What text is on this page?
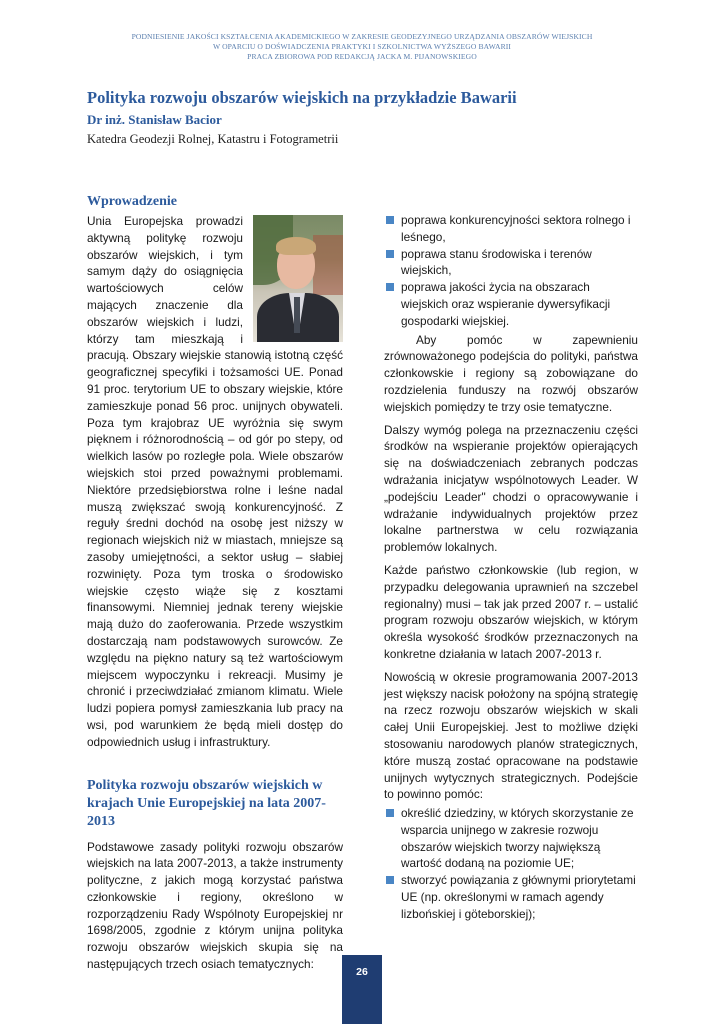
PODNIESIENIE JAKOŚCI KSZTAŁCENIA AKADEMICKIEGO W ZAKRESIE GEODEZYJNEGO URZĄDZANIA OBSZARÓW WIEJSKICH
W OPARCIU O DOŚWIADCZENIA PRAKTYKI I SZKOLNICTWA WYŻSZEGO BAWARII
PRACA ZBIOROWA POD REDAKCJĄ JACKA M. PIJANOWSKIEGO
Polityka rozwoju obszarów wiejskich na przykładzie Bawarii
Dr inż. Stanisław Bacior
Katedra Geodezji Rolnej, Katastru i Fotogrametrii
Wprowadzenie

Unia Europejska prowadzi aktywną politykę rozwoju obszarów wiejskich, i tym samym dąży do osiągnięcia wartościowych celów mających znaczenie dla obszarów wiejskich i ludzi, którzy tam mieszkają i pracują. Obszary wiejskie stanowią istotną część geograficznej specyfiki i tożsamości UE. Ponad 91 proc. terytorium UE to obszary wiejskie, które zamieszkuje ponad 56 proc. unijnych obywateli. Poza tym krajobraz UE wyróżnia się swym pięknem i różnorodnością – od gór po stepy, od wielkich lasów po rozległe pola. Wiele obszarów wiejskich stoi przed poważnymi problemami. Niektóre przedsiębiorstwa rolne i leśne nadal muszą zwiększać swoją konkurencyjność. Z reguły średni dochód na osobę jest niższy w regionach wiejskich niż w miastach, mniejsze są zasoby umiejętności, a sektor usług – słabiej rozwinięty. Poza tym troska o środowisko wiejskie często wiąże się z kosztami finansowymi. Niemniej jednak tereny wiejskie mają dużo do zaoferowania. Przede wszystkim dostarczają nam podstawowych surowców. Ze względu na piękno natury są też wartościowym miejscem wypoczynku i rekreacji. Musimy je chronić i przeciwdziałać zmianom klimatu. Wiele ludzi popiera pomysł zamieszkania lub pracy na wsi, pod warunkiem że będą mieli dostęp do odpowiednich usług i infrastruktury.

Polityka rozwoju obszarów wiejskich w krajach Unie Europejskiej na lata 2007-2013

Podstawowe zasady polityki rozwoju obszarów wiejskich na lata 2007-2013, a także instrumenty polityczne, z jakich mogą korzystać państwa członkowskie i regiony, określono w rozporządzeniu Rady Wspólnoty Europejskiej nr 1698/2005, zgodnie z którym unijna polityka rozwoju obszarów wiejskich skupia się na następujących trzech osiach tematycznych:

poprawa konkurencyjności sektora rolnego i leśnego,
poprawa stanu środowiska i terenów wiejskich,
poprawa jakości życia na obszarach wiejskich oraz wspieranie dywersyfikacji gospodarki wiejskiej.

Aby pomóc w zapewnieniu zrównoważonego podejścia do polityki, państwa członkowskie i regiony są zobowiązane do rozdzielenia funduszy na rozwój obszarów wiejskich pomiędzy te trzy osie tematyczne.

Dalszy wymóg polega na przeznaczeniu części środków na wspieranie projektów opierających się na doświadczeniach zebranych podczas wdrażania inicjatyw wspólnotowych Leader. W „podejściu Leader" chodzi o opracowywanie i wdrażanie indywidualnych projektów przez lokalne partnerstwa w celu rozwiązania problemów lokalnych.

Każde państwo członkowskie (lub region, w przypadku delegowania uprawnień na szczebel regionalny) musi – tak jak przed 2007 r. – ustalić program rozwoju obszarów wiejskich, w którym określa wysokość środków przeznaczonych na konkretne działania w latach 2007-2013 r.

Nowością w okresie programowania 2007-2013 jest większy nacisk położony na spójną strategię na rzecz rozwoju obszarów wiejskich w skali całej Unii Europejskiej. Jest to możliwe dzięki stosowaniu narodowych planów strategicznych, które muszą zostać opracowane na podstawie unijnych wytycznych strategicznych. Podejście to powinno pomóc:

określić dziedziny, w których skorzystanie ze wsparcia unijnego w zakresie rozwoju obszarów wiejskich tworzy największą wartość dodaną na poziomie UE;
stworzyć powiązania z głównymi priorytetami UE (np. określonymi w ramach agendy lizbońskiej i göteborskiej);
26
